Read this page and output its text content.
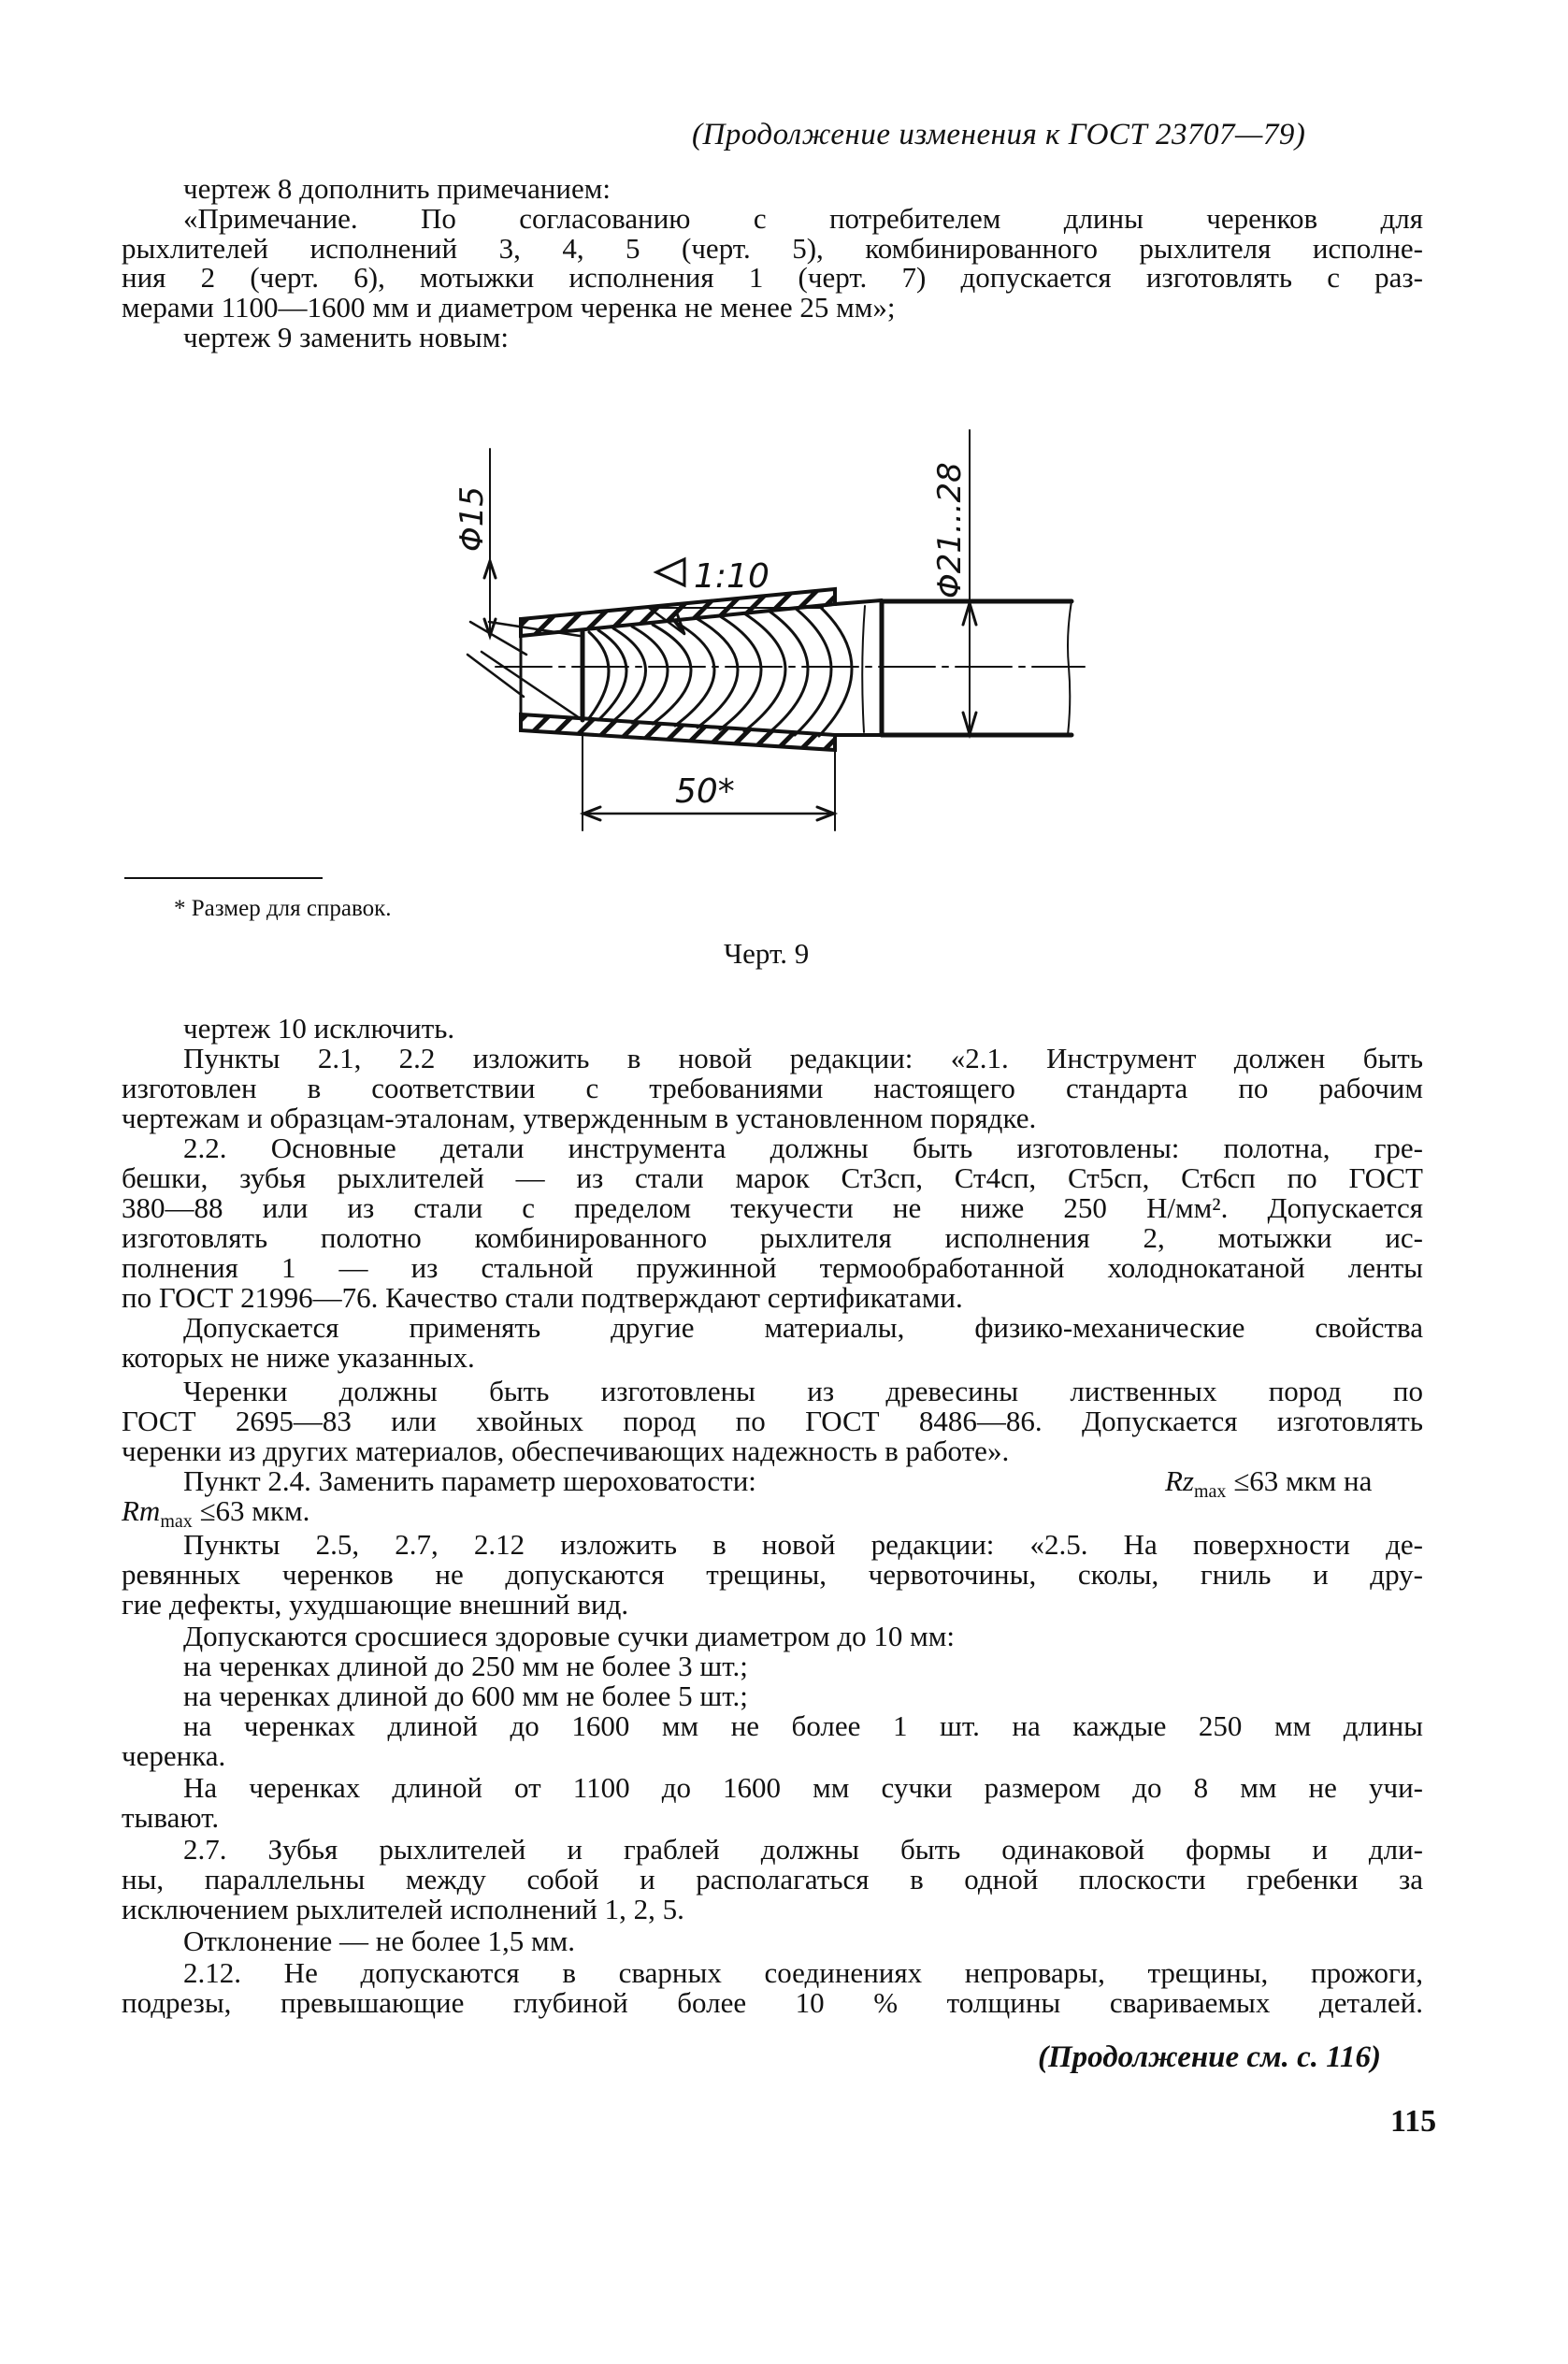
(Продолжение изменения к ГОСТ 23707—79)
чертеж 8 дополнить примечанием:
«Примечание. По согласованию с потребителем длины черенков для
рыхлителей исполнений 3, 4, 5 (черт. 5), комбинированного рыхлителя исполне-
ния 2 (черт. 6), мотыжки исполнения 1 (черт. 7) допускается изготовлять с раз-
мерами 1100—1600 мм и диаметром черенка не менее 25 мм»;
чертеж 9 заменить новым:
Φ15
1:10	Φ21...28
50*
* Размер для справок.
Черт. 9
чертеж 10 исключить.
Пункты 2.1, 2.2 изложить в новой редакции: «2.1. Инструмент должен быть
изготовлен в соответствии с требованиями настоящего стандарта по рабочим
чертежам и образцам-эталонам, утвержденным в установленном порядке.
2.2. Основные детали инструмента должны быть изготовлены: полотна, гре-
бешки, зубья рыхлителей — из стали марок Ст3сп, Ст4сп, Ст5сп, Ст6сп по ГОСТ
380—88 или из стали с пределом текучести не ниже 250 Н/мм². Допускается
изготовлять полотно комбинированного рыхлителя исполнения 2, мотыжки ис-
полнения 1 — из стальной пружинной термообработанной холоднокатаной ленты
по ГОСТ 21996—76. Качество стали подтверждают сертификатами.
Допускается применять другие материалы, физико-механические свойства
которых не ниже указанных.
Черенки должны быть изготовлены из древесины лиственных пород по
ГОСТ 2695—83 или хвойных пород по ГОСТ 8486—86. Допускается изготовлять
черенки из других материалов, обеспечивающих надежность в работе».
Пункт 2.4. Заменить параметр шероховатости:	$Rz_{max} \le 63$ мкм на
$Rm_{max} \le 63$ мкм.
Пункты 2.5, 2.7, 2.12 изложить в новой редакции: «2.5. На поверхности де-
ревянных черенков не допускаются трещины, червоточины, сколы, гниль и дру-
гие дефекты, ухудшающие внешний вид.
Допускаются сросшиеся здоровые сучки диаметром до 10 мм:
на черенках длиной до 250 мм не более 3 шт.;
на черенках длиной до 600 мм не более 5 шт.;
на черенках длиной до 1600 мм не более 1 шт. на каждые 250 мм длины
черенка.
На черенках длиной от 1100 до 1600 мм сучки размером до 8 мм не учи-
тывают.
2.7. Зубья рыхлителей и граблей должны быть одинаковой формы и дли-
ны, параллельны между собой и располагаться в одной плоскости гребенки за
исключением рыхлителей исполнений 1, 2, 5.
Отклонение — не более 1,5 мм.
2.12. Не допускаются в сварных соединениях непровары, трещины, прожоги,
подрезы, превышающие глубиной более 10 % толщины свариваемых деталей.
(Продолжение см. с. 116)
115
